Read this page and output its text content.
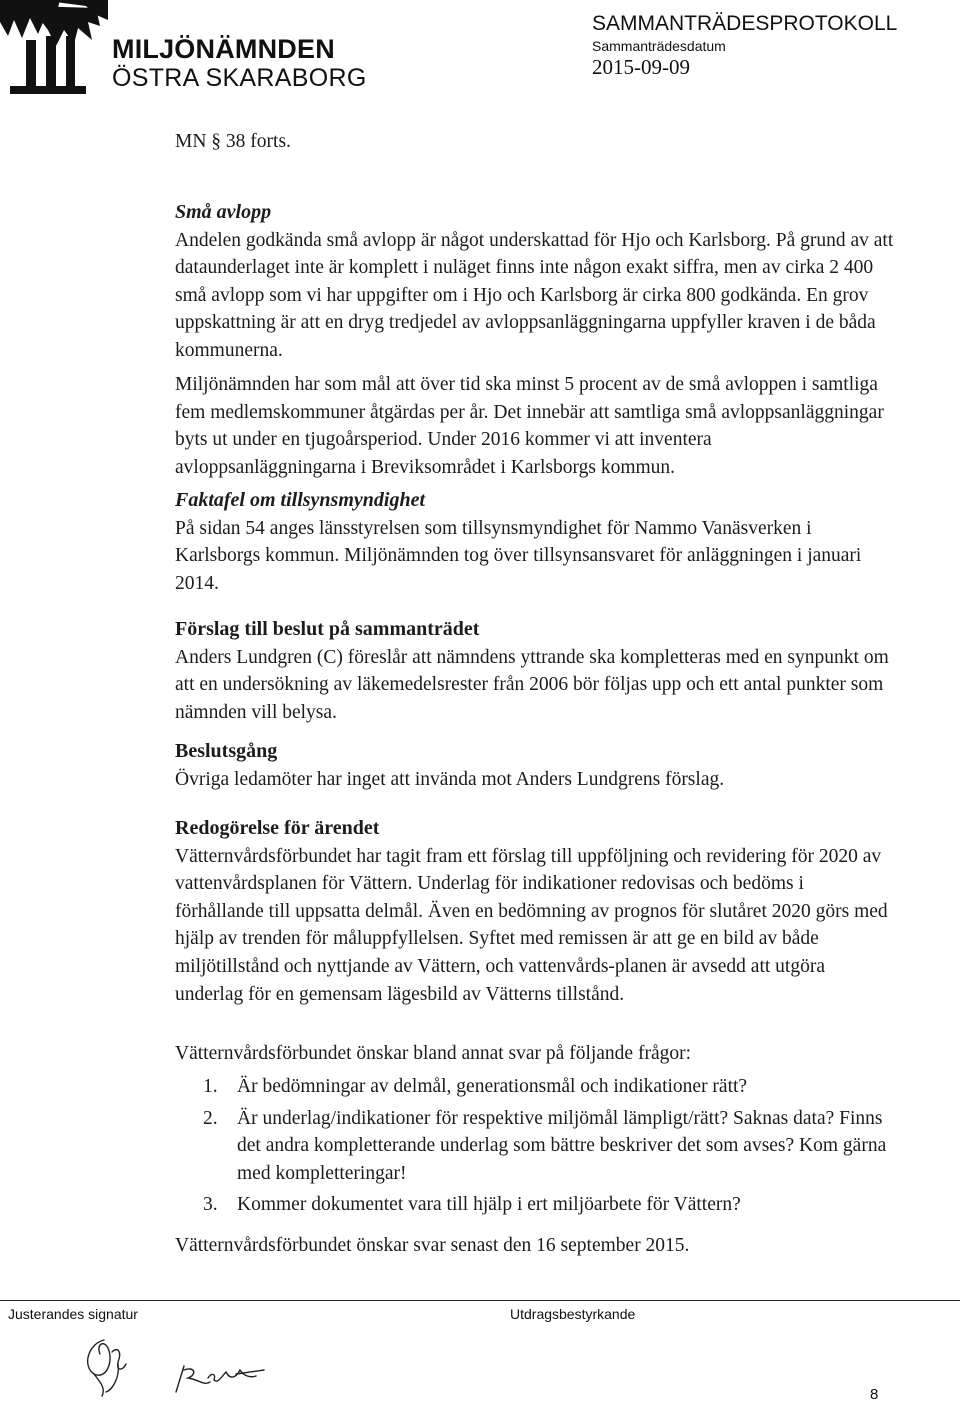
MILJÖNÄMNDEN
ÖSTRA SKARABORG
SAMMANTRÄDESPROTOKOLL
Sammanträdesdatum
2015-09-09
MN § 38 forts.

Små avlopp

Andelen godkända små avlopp är något underskattad för Hjo och Karlsborg. På grund av att dataunderlaget inte är komplett i nuläget finns inte någon exakt siffra, men av cirka 2 400 små avlopp som vi har uppgifter om i Hjo och Karlsborg är cirka 800 godkända. En grov uppskattning är att en dryg tredjedel av avloppsanläggningarna uppfyller kraven i de båda kommunerna.

Miljönämnden har som mål att över tid ska minst 5 procent av de små avloppen i samtliga fem medlemskommuner åtgärdas per år. Det innebär att samtliga små avloppsanläggningar byts ut under en tjugoårsperiod. Under 2016 kommer vi att inventera avloppsanläggningarna i Breviksområdet i Karlsborgs kommun.

Faktafel om tillsynsmyndighet

På sidan 54 anges länsstyrelsen som tillsynsmyndighet för Nammo Vanäsverken i Karlsborgs kommun. Miljönämnden tog över tillsynsansvaret för anläggningen i januari 2014.

Förslag till beslut på sammanträdet

Anders Lundgren (C) föreslår att nämndens yttrande ska kompletteras med en synpunkt om att en undersökning av läkemedelsrester från 2006 bör följas upp och ett antal punkter som nämnden vill belysa.

Beslutsgång

Övriga ledamöter har inget att invända mot Anders Lundgrens förslag.

Redogörelse för ärendet

Vätternvårdsförbundet har tagit fram ett förslag till uppföljning och revidering för 2020 av vattenvårdsplanen för Vättern. Underlag för indikationer redovisas och bedöms i förhållande till uppsatta delmål. Även en bedömning av prognos för slutåret 2020 görs med hjälp av trenden för måluppfyllelsen. Syftet med remissen är att ge en bild av både miljötillstånd och nyttjande av Vättern, och vattenvårds-planen är avsedd att utgöra underlag för en gemensam lägesbild av Vätterns tillstånd.

Vätternvårdsförbundet önskar bland annat svar på följande frågor:

1. Är bedömningar av delmål, generationsmål och indikationer rätt?
2. Är underlag/indikationer för respektive miljömål lämpligt/rätt? Saknas data? Finns det andra kompletterande underlag som bättre beskriver det som avses? Kom gärna med kompletteringar!
3. Kommer dokumentet vara till hjälp i ert miljöarbete för Vättern?

Vätternvårdsförbundet önskar svar senast den 16 september 2015.

Justerandes signatur	Utdragsbestyrkande
8
